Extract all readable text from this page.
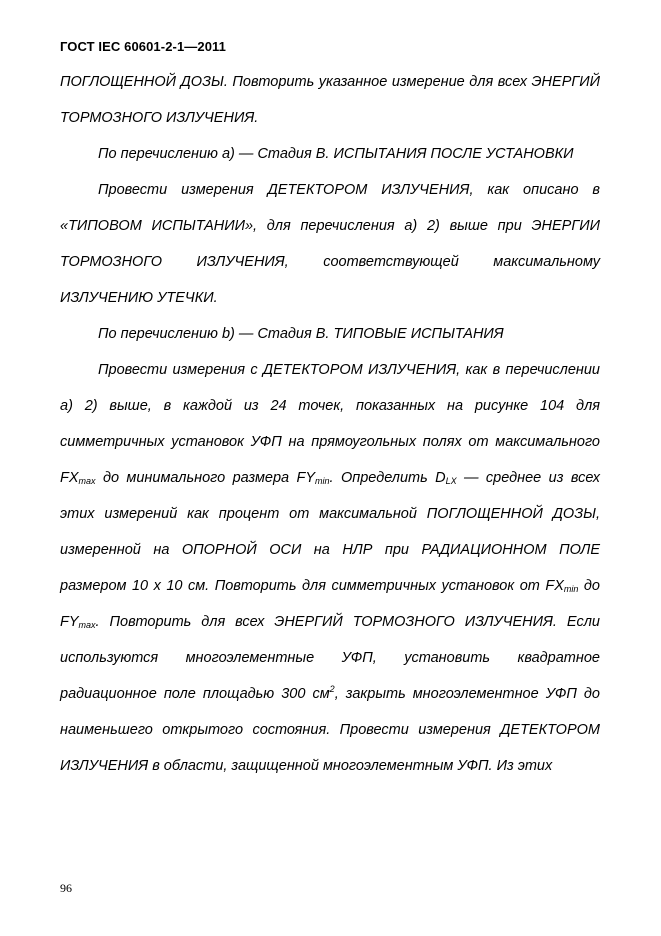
ГОСТ IEC 60601-2-1—2011

ПОГЛОЩЕННОЙ ДОЗЫ. Повторить указанное измерение для всех ЭНЕРГИЙ ТОРМОЗНОГО ИЗЛУЧЕНИЯ.

По перечислению а) — Стадия B. ИСПЫТАНИЯ ПОСЛЕ УСТАНОВКИ

Провести измерения ДЕТЕКТОРОМ ИЗЛУЧЕНИЯ, как описано в «ТИПОВОМ ИСПЫТАНИИ», для перечисления а) 2) выше при ЭНЕРГИИ ТОРМОЗНОГО ИЗЛУЧЕНИЯ, соответствующей максимальному ИЗЛУЧЕНИЮ УТЕЧКИ.

По перечислению b) — Стадия B. ТИПОВЫЕ ИСПЫТАНИЯ

Провести измерения с ДЕТЕКТОРОМ ИЗЛУЧЕНИЯ, как в перечислении а) 2) выше, в каждой из 24 точек, показанных на рисунке 104 для симметричных установок УФП на прямоугольных полях от максимального $FX_{max}$ до минимального размера $FY_{min}$. Определить $D_{LX}$ — среднее из всех этих измерений как процент от максимальной ПОГЛОЩЕННОЙ ДОЗЫ, измеренной на ОПОРНОЙ ОСИ на НЛР при РАДИАЦИОННОМ ПОЛЕ размером 10 х 10 см. Повторить для симметричных установок от $FX_{min}$ до $FY_{max}$. Повторить для всех ЭНЕРГИЙ ТОРМОЗНОГО ИЗЛУЧЕНИЯ. Если используются многоэлементные УФП, установить квадратное радиационное поле площадью 300 $см^2$, закрыть многоэлементное УФП до наименьшего открытого состояния. Провести измерения ДЕТЕКТОРОМ ИЗЛУЧЕНИЯ в области, защищенной многоэлементным УФП. Из этих

96
